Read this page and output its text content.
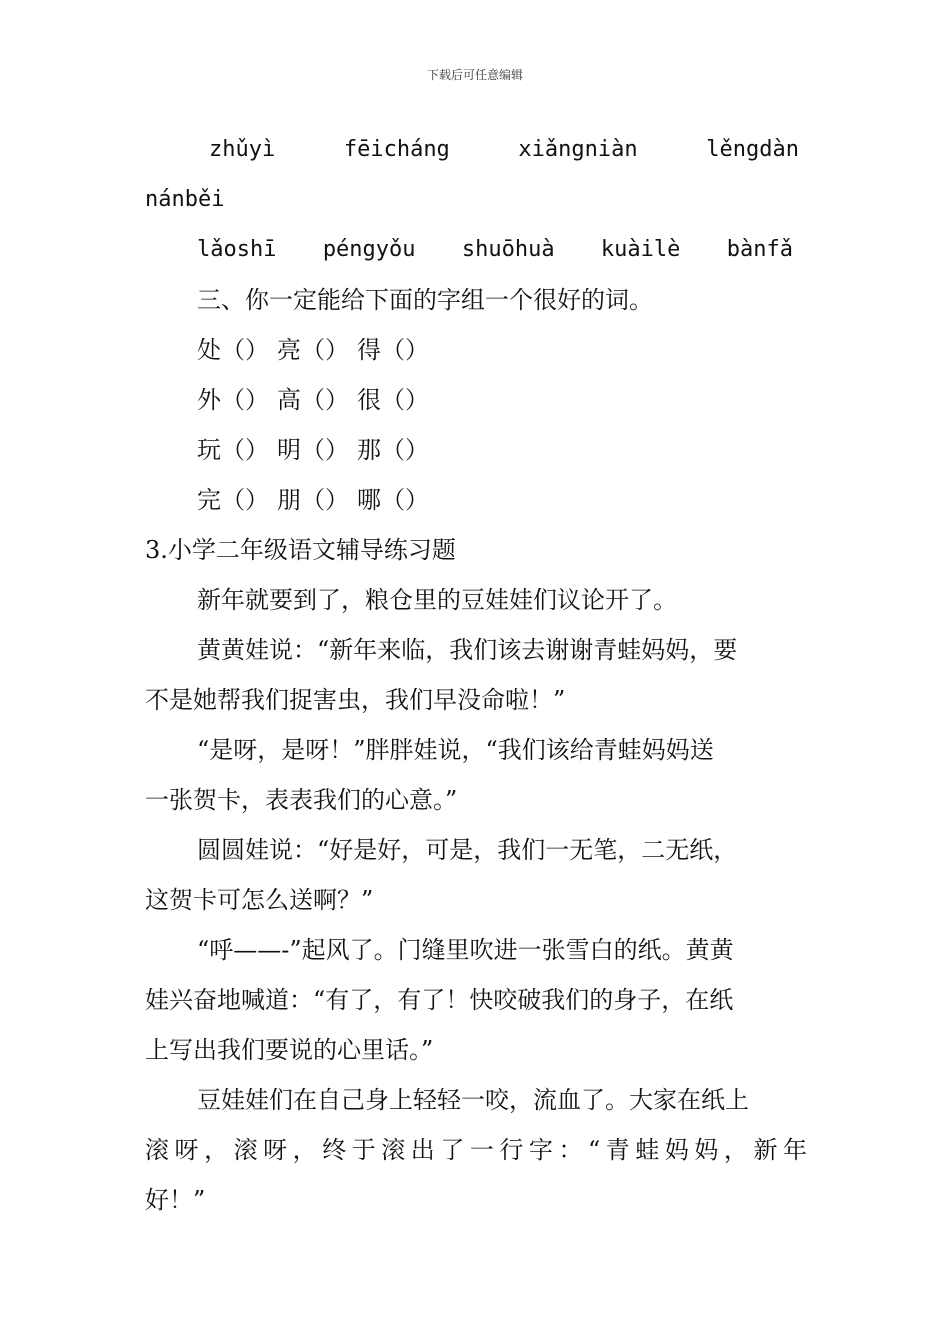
下载后可任意编辑
zhǔyì	fēicháng	xiǎngniàn	lěngdàn
nánběi
lǎoshī péngyǒu shuōhuà kuàilè bànfǎ
三、你一定能给下面的字组一个很好的词。
处（） 亮（） 得（）
外（） 高（） 很（）
玩（） 明（） 那（）
完（） 朋（） 哪（）
3.小学二年级语文辅导练习题
新年就要到了，粮仓里的豆娃娃们议论开了。
黄黄娃说：“新年来临，我们该去谢谢青蛙妈妈，要
不是她帮我们捉害虫，我们早没命啦！”
“是呀，是呀！”胖胖娃说，“我们该给青蛙妈妈送
一张贺卡，表表我们的心意。”
圆圆娃说：“好是好，可是，我们一无笔，二无纸，
这贺卡可怎么送啊？”
“呼——-”起风了。门缝里吹进一张雪白的纸。黄黄
娃兴奋地喊道：“有了，有了！快咬破我们的身子，在纸
上写出我们要说的心里话。”
豆娃娃们在自己身上轻轻一咬，流血了。大家在纸上
滚呀，滚呀，终于滚出了一行字：“青蛙妈妈，新年
好！”
